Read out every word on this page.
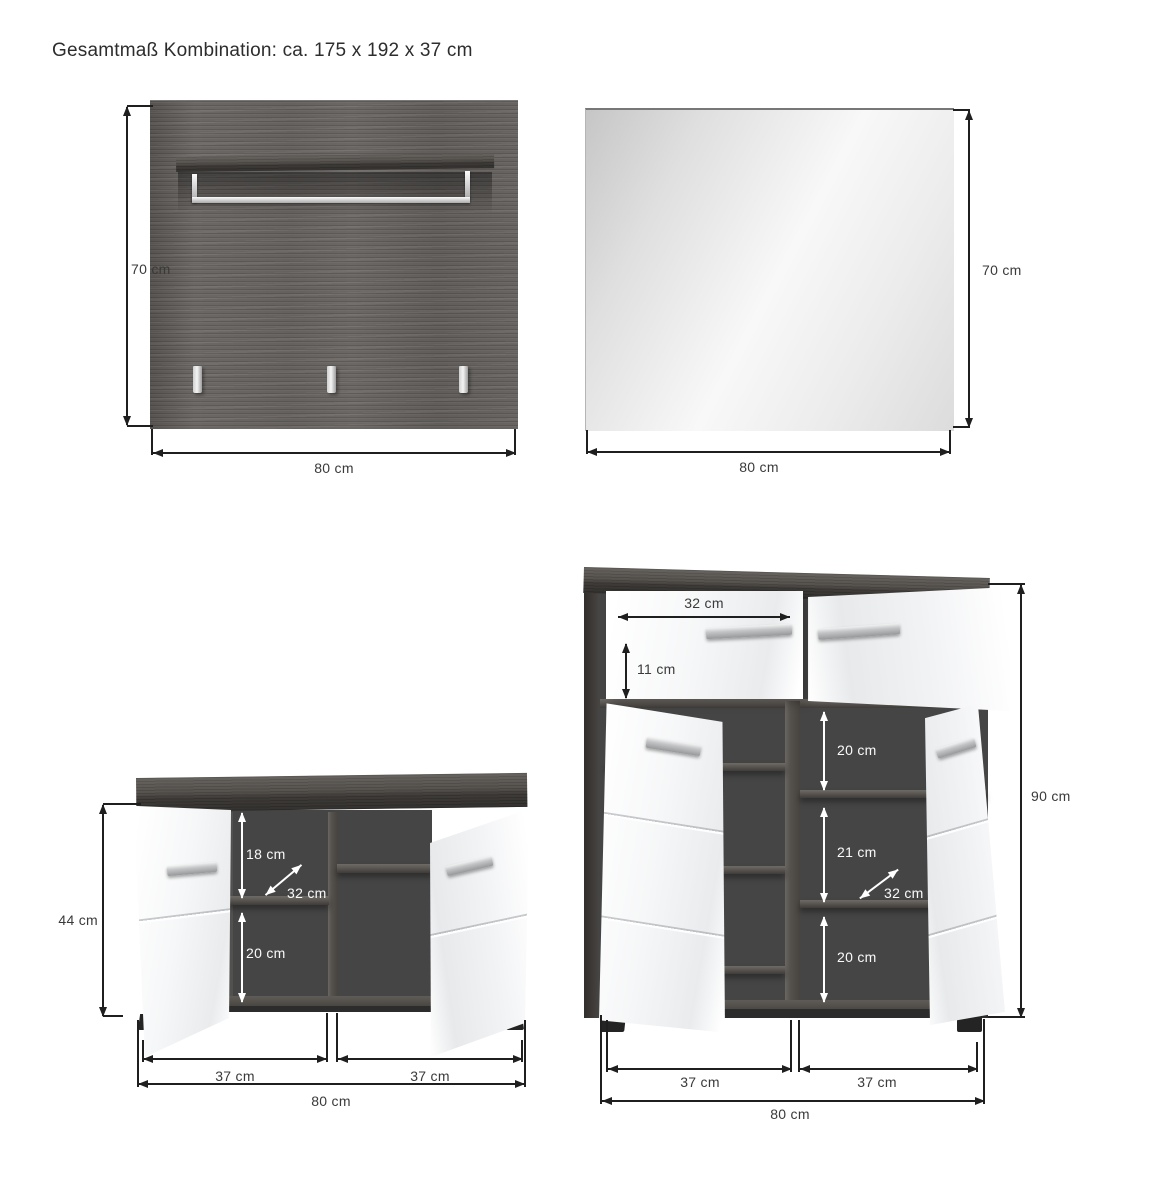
Gesamtmaß Kombination: ca. 175 x 192 x 37 cm
70 cm
80 cm
70 cm
80 cm
44 cm
18 cm
32 cm
20 cm
37 cm	37 cm
80 cm
32 cm
11 cm
90 cm
20 cm
21 cm
32 cm
20 cm
37 cm	37 cm
80 cm
